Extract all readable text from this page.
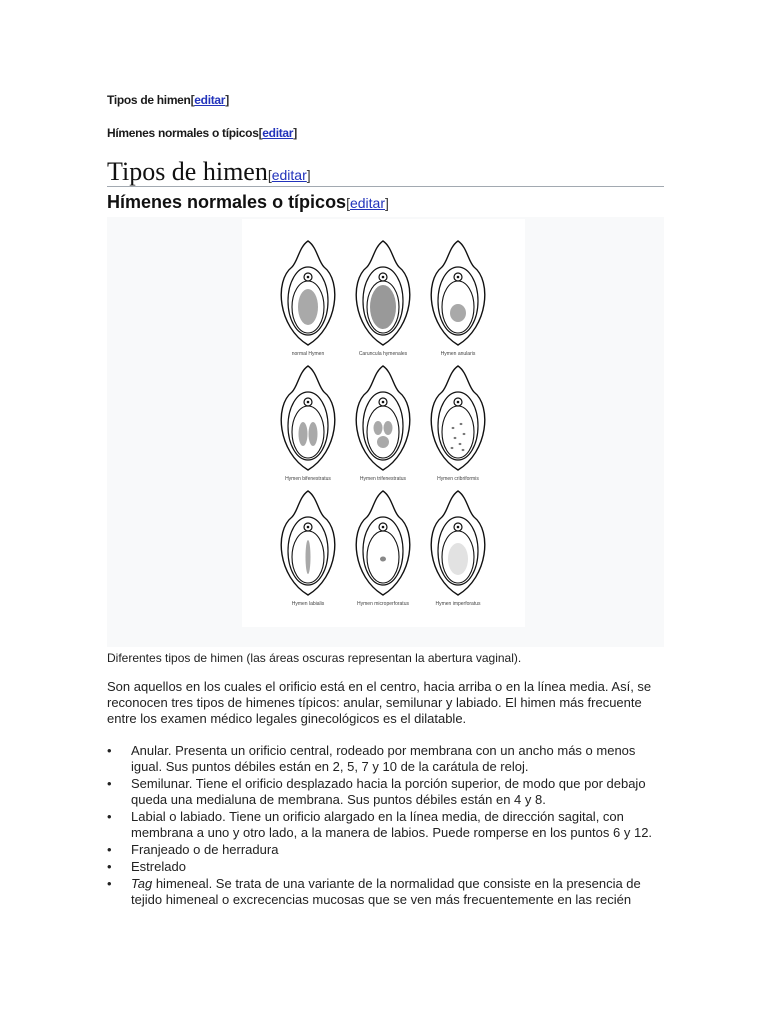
Tipos de himen[editar]
Hímenes normales o típicos[editar]
Tipos de himen[editar]
Hímenes normales o típicos[editar]
normal Hymen	Caruncula hymenales	Hymen anularis
Hymen bifenestratus	Hymen trifenestratus	Hymen cribriformis
Hymen labialis	Hymen microperforatus	Hymen imperforatus
Diferentes tipos de himen (las áreas oscuras representan la abertura vaginal).
Son aquellos en los cuales el orificio está en el centro, hacia arriba o en la línea media. Así, se reconocen tres tipos de himenes típicos: anular, semilunar y labiado. El himen más frecuente entre los examen médico legales ginecológicos es el dilatable.
• Anular. Presenta un orificio central, rodeado por membrana con un ancho más o menos igual. Sus puntos débiles están en 2, 5, 7 y 10 de la carátula de reloj.
• Semilunar. Tiene el orificio desplazado hacia la porción superior, de modo que por debajo queda una medialuna de membrana. Sus puntos débiles están en 4 y 8.
• Labial o labiado. Tiene un orificio alargado en la línea media, de dirección sagital, con membrana a uno y otro lado, a la manera de labios. Puede romperse en los puntos 6 y 12.
• Franjeado o de herradura
• Estrelado
• Tag himeneal. Se trata de una variante de la normalidad que consiste en la presencia de tejido himeneal o excrecencias mucosas que se ven más frecuentemente en las recién
